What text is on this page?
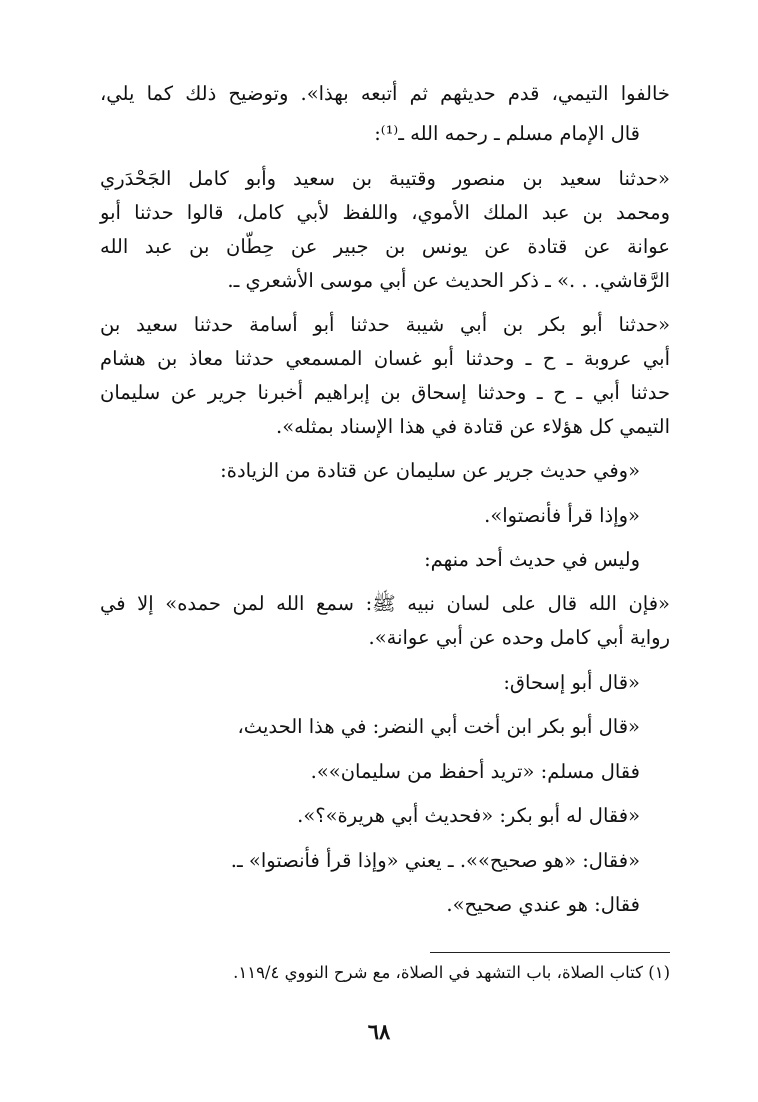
خالفوا التيمي، قدم حديثهم ثم أتبعه بهذا». وتوضيح ذلك كما يلي،
قال الإمام مسلم ـ رحمه الله ـ⁽¹⁾:
«حدثنا سعيد بن منصور وقتيبة بن سعيد وأبو كامل الجَحْدَري
ومحمد بن عبد الملك الأموي، واللفظ لأبي كامل، قالوا حدثنا أبو
عوانة عن قتادة عن يونس بن جبير عن حِطّان بن عبد الله
الرَّقاشي. . .» ـ ذكر الحديث عن أبي موسى الأشعري ـ.
«حدثنا أبو بكر بن أبي شيبة حدثنا أبو أسامة حدثنا سعيد بن
أبي عروبة ـ ح ـ وحدثنا أبو غسان المسمعي حدثنا معاذ بن هشام
حدثنا أبي ـ ح ـ وحدثنا إسحاق بن إبراهيم أخبرنا جرير عن سليمان
التيمي كل هؤلاء عن قتادة في هذا الإسناد بمثله».
«وفي حديث جرير عن سليمان عن قتادة من الزيادة:
«وإذا قرأ فأنصتوا».
وليس في حديث أحد منهم:
«فإن الله قال على لسان نبيه ﷺ: سمع الله لمن حمده» إلا في
رواية أبي كامل وحده عن أبي عوانة».
«قال أبو إسحاق:
«قال أبو بكر ابن أخت أبي النضر: في هذا الحديث،
فقال مسلم: «تريد أحفظ من سليمان»».
«فقال له أبو بكر: «فحديث أبي هريرة»؟».
«فقال: «هو صحيح»». ـ يعني «وإذا قرأ فأنصتوا» ـ.
فقال: هو عندي صحيح».
(١) كتاب الصلاة، باب التشهد في الصلاة، مع شرح النووي ١١٩/٤.
٦٨
